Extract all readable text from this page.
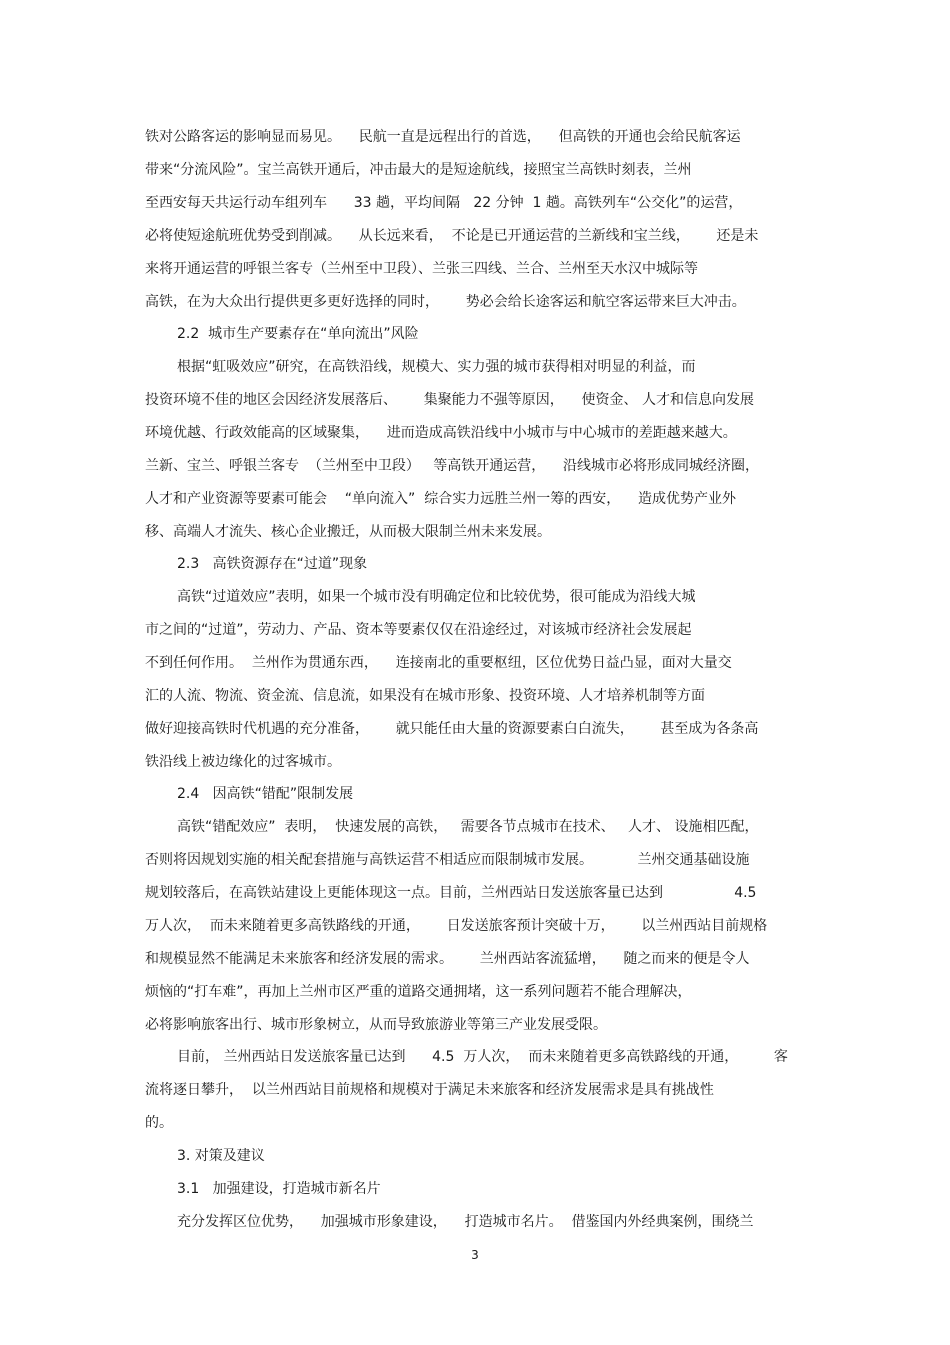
铁对公路客运的影响显而易见。    民航一直是远程出行的首选，    但高铁的开通也会给民航客运
带来“分流风险”。宝兰高铁开通后，冲击最大的是短途航线，接照宝兰高铁时刻表，兰州
至西安每天共运行动车组列车      33 趟，平均间隔   22 分钟  1 趟。高铁列车“公交化”的运营，
必将使短途航班优势受到削减。    从长远来看，  不论是已开通运营的兰新线和宝兰线，      还是未
来将开通运营的呼银兰客专（兰州至中卫段）、兰张三四线、兰合、兰州至天水汉中城际等
高铁，在为大众出行提供更多更好选择的同时，      势必会给长途客运和航空客运带来巨大冲击。
2.2  城市生产要素存在“单向流出”风险
根据“虹吸效应”研究，在高铁沿线，规模大、实力强的城市获得相对明显的利益，而
投资环境不佳的地区会因经济发展落后、      集聚能力不强等原因，    使资金、 人才和信息向发展
环境优越、行政效能高的区域聚集，    进而造成高铁沿线中小城市与中心城市的差距越来越大。
兰新、宝兰、呼银兰客专  （兰州至中卫段）   等高铁开通运营，    沿线城市必将形成同城经济圈，
人才和产业资源等要素可能会    “单向流入”  综合实力远胜兰州一筹的西安，    造成优势产业外
移、高端人才流失、核心企业搬迁，从而极大限制兰州未来发展。
2.3   高铁资源存在“过道”现象
高铁“过道效应”表明，如果一个城市没有明确定位和比较优势，很可能成为沿线大城
市之间的“过道”，劳动力、产品、资本等要素仅仅在沿途经过，对该城市经济社会发展起
不到任何作用。  兰州作为贯通东西，    连接南北的重要枢纽，区位优势日益凸显，面对大量交
汇的人流、物流、资金流、信息流，如果没有在城市形象、投资环境、人才培养机制等方面
做好迎接高铁时代机遇的充分准备，      就只能任由大量的资源要素白白流失，      甚至成为各条高
铁沿线上被边缘化的过客城市。
2.4   因高铁“错配”限制发展
高铁“错配效应”  表明，  快速发展的高铁，   需要各节点城市在技术、   人才、 设施相匹配，
否则将因规划实施的相关配套措施与高铁运营不相适应而限制城市发展。          兰州交通基础设施
规划较落后，在高铁站建设上更能体现这一点。目前，兰州西站日发送旅客量已达到                4.5
万人次，  而未来随着更多高铁路线的开通，      日发送旅客预计突破十万，      以兰州西站目前规格
和规模显然不能满足未来旅客和经济发展的需求。      兰州西站客流猛增，    随之而来的便是令人
烦恼的“打车难”，再加上兰州市区严重的道路交通拥堵，这一系列问题若不能合理解决，
必将影响旅客出行、城市形象树立，从而导致旅游业等第三产业发展受限。
目前， 兰州西站日发送旅客量已达到      4.5  万人次，  而未来随着更多高铁路线的开通，        客
流将逐日攀升，  以兰州西站目前规格和规模对于满足未来旅客和经济发展需求是具有挑战性
的。
3. 对策及建议
3.1   加强建设，打造城市新名片
充分发挥区位优势，    加强城市形象建设，    打造城市名片。  借鉴国内外经典案例，围绕兰
3
